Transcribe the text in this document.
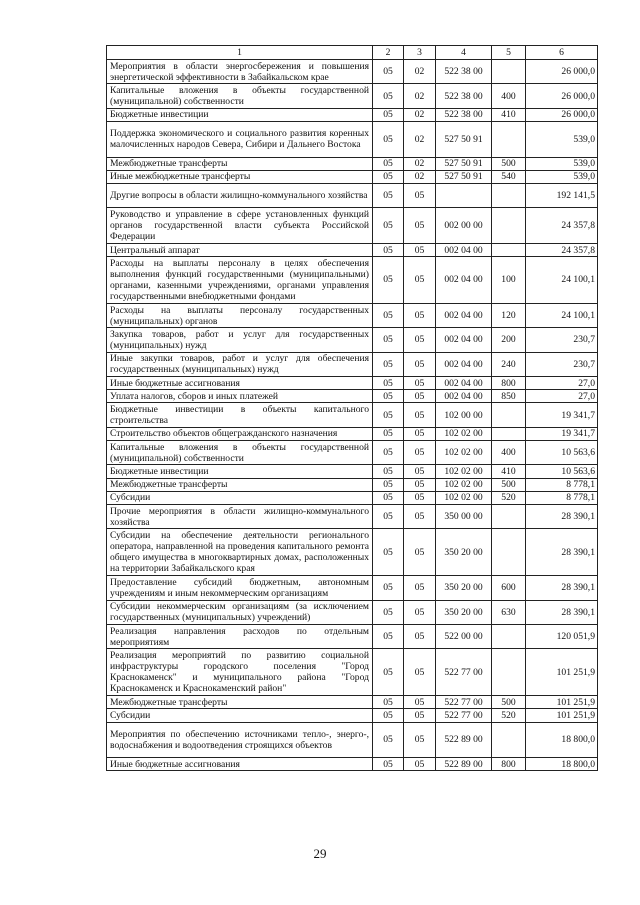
1	2	3	4	5	6
Мероприятия в области энергосбережения и повышения энергетической эффективности в Забайкальском крае	05	02	522 38 00		26 000,0
Капитальные вложения в объекты государственной (муниципальной) собственности	05	02	522 38 00	400	26 000,0
Бюджетные инвестиции	05	02	522 38 00	410	26 000,0
Поддержка экономического и социального развития коренных малочисленных народов Севера, Сибири и Дальнего Востока	05	02	527 50 91		539,0
Межбюджетные трансферты	05	02	527 50 91	500	539,0
Иные межбюджетные трансферты	05	02	527 50 91	540	539,0
Другие вопросы в области жилищно-коммунального хозяйства	05	05			192 141,5
Руководство и управление в сфере установленных функций органов государственной власти субъекта Российской Федерации	05	05	002 00 00		24 357,8
Центральный аппарат	05	05	002 04 00		24 357,8
Расходы на выплаты персоналу в целях обеспечения выполнения функций государственными (муниципальными) органами, казенными учреждениями, органами управления государственными внебюджетными фондами	05	05	002 04 00	100	24 100,1
Расходы на выплаты персоналу государственных (муниципальных) органов	05	05	002 04 00	120	24 100,1
Закупка товаров, работ и услуг для государственных (муниципальных) нужд	05	05	002 04 00	200	230,7
Иные закупки товаров, работ и услуг для обеспечения государственных (муниципальных) нужд	05	05	002 04 00	240	230,7
Иные бюджетные ассигнования	05	05	002 04 00	800	27,0
Уплата налогов, сборов и иных платежей	05	05	002 04 00	850	27,0
Бюджетные инвестиции в объекты капитального строительства	05	05	102 00 00		19 341,7
Строительство объектов общегражданского назначения	05	05	102 02 00		19 341,7
Капитальные вложения в объекты государственной (муниципальной) собственности	05	05	102 02 00	400	10 563,6
Бюджетные инвестиции	05	05	102 02 00	410	10 563,6
Межбюджетные трансферты	05	05	102 02 00	500	8 778,1
Субсидии	05	05	102 02 00	520	8 778,1
Прочие мероприятия в области жилищно-коммунального хозяйства	05	05	350 00 00		28 390,1
Субсидии на обеспечение деятельности регионального оператора, направленной на проведения капитального ремонта общего имущества в многоквартирных домах, расположенных на территории Забайкальского края	05	05	350 20 00		28 390,1
Предоставление субсидий бюджетным, автономным учреждениям и иным некоммерческим организациям	05	05	350 20 00	600	28 390,1
Субсидии некоммерческим организациям (за исключением государственных (муниципальных) учреждений)	05	05	350 20 00	630	28 390,1
Реализация направления расходов по отдельным мероприятиям	05	05	522 00 00		120 051,9
Реализация мероприятий по развитию социальной инфраструктуры городского поселения "Город Краснокаменск" и муниципального района "Город Краснокаменск и Краснокаменский район"	05	05	522 77 00		101 251,9
Межбюджетные трансферты	05	05	522 77 00	500	101 251,9
Субсидии	05	05	522 77 00	520	101 251,9
Мероприятия по обеспечению источниками тепло-, энерго-, водоснабжения и водоотведения строящихся объектов	05	05	522 89 00		18 800,0
Иные бюджетные ассигнования	05	05	522 89 00	800	18 800,0
29
